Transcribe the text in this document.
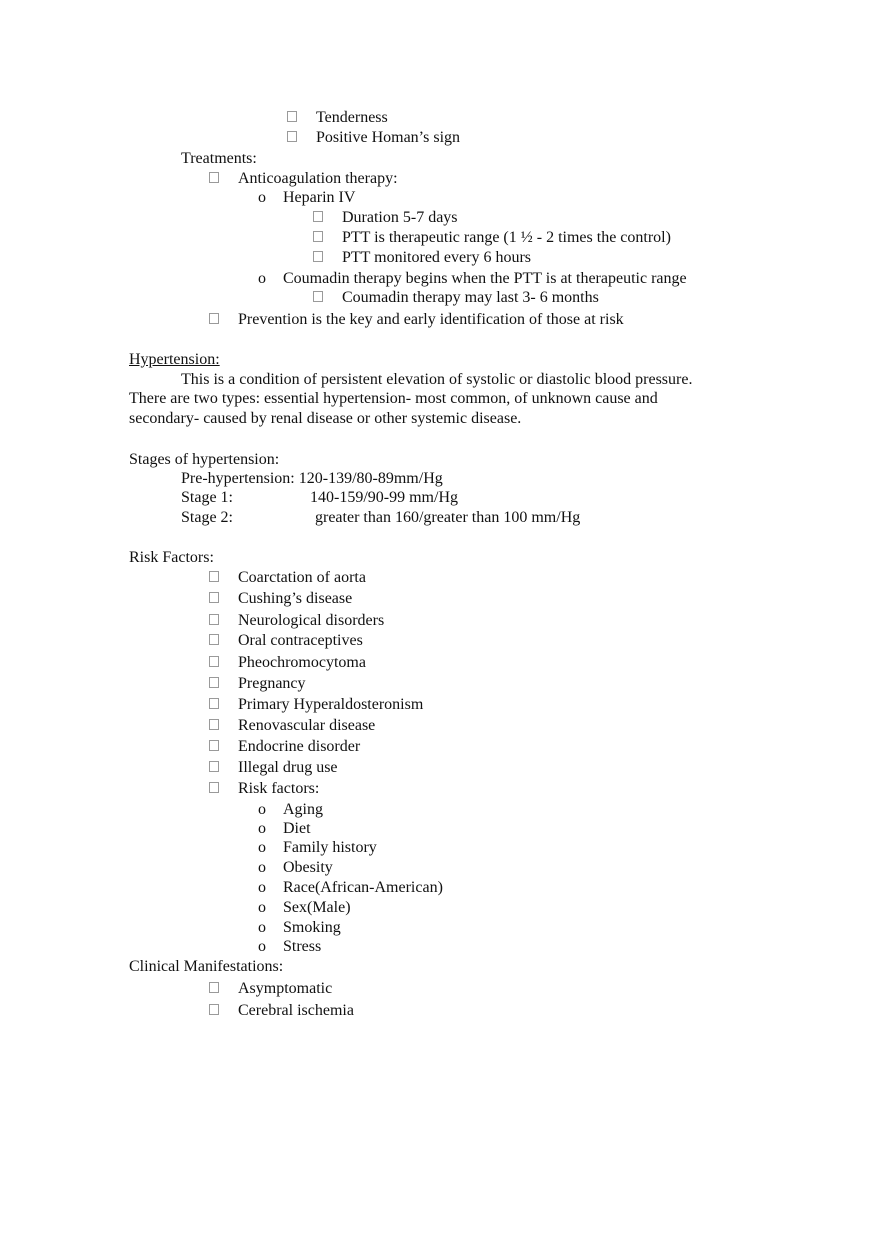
Tenderness
Positive Homan’s sign
Treatments:
Anticoagulation therapy:
o Heparin IV
Duration 5-7 days
PTT is therapeutic range (1 ½ - 2 times the control)
PTT monitored every 6 hours
o Coumadin therapy begins when the PTT is at therapeutic range
Coumadin therapy may last 3- 6 months
Prevention is the key and early identification of those at risk
Hypertension:
This is a condition of persistent elevation of systolic or diastolic blood pressure.
There are two types: essential hypertension- most common, of unknown cause and
secondary- caused by renal disease or other systemic disease.
Stages of hypertension:
Pre-hypertension: 120-139/80-89mm/Hg
Stage 1:	140-159/90-99 mm/Hg
Stage 2:	greater than 160/greater than 100 mm/Hg
Risk Factors:
Coarctation of aorta
Cushing’s disease
Neurological disorders
Oral contraceptives
Pheochromocytoma
Pregnancy
Primary Hyperaldosteronism
Renovascular disease
Endocrine disorder
Illegal drug use
Risk factors:
o Aging
o Diet
o Family history
o Obesity
o Race(African-American)
o Sex(Male)
o Smoking
o Stress
Clinical Manifestations:
Asymptomatic
Cerebral ischemia
